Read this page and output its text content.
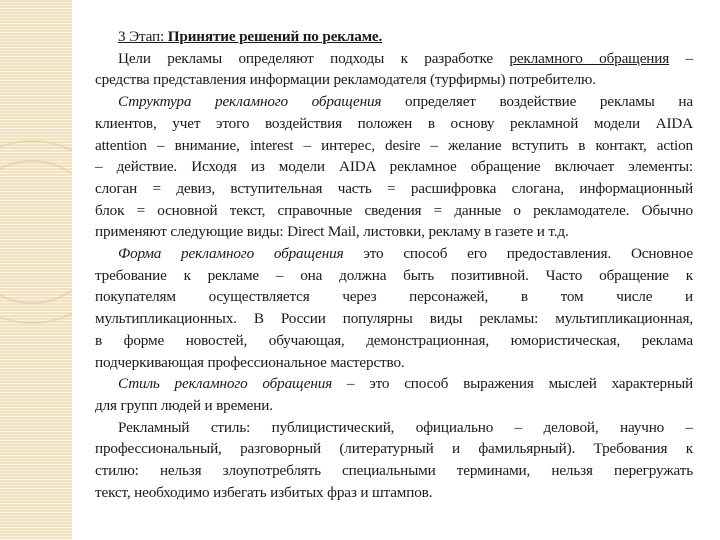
3 Этап: Принятие решений по рекламе.
Цели рекламы определяют подходы к разработке рекламного обращения –
средства представления информации рекламодателя (турфирмы) потребителю.
Структура рекламного обращения определяет воздействие рекламы на
клиентов, учет этого воздействия положен в основу рекламной модели AIDA
attention – внимание, interest – интерес, desire – желание вступить в контакт, action
– действие. Исходя из модели AIDA рекламное обращение включает элементы:
слоган = девиз, вступительная часть = расшифровка слогана, информационный
блок = основной текст, справочные сведения = данные о рекламодателе. Обычно
применяют следующие виды: Direct Mail, листовки, рекламу в газете и т.д.
Форма рекламного обращения это способ его предоставления. Основное
требование к рекламе – она должна быть позитивной. Часто обращение к
покупателям осуществляется через персонажей, в том числе и
мультипликационных. В России популярны виды рекламы: мультипликационная,
в форме новостей, обучающая, демонстрационная, юмористическая, реклама
подчеркивающая профессиональное мастерство.
Стиль рекламного обращения – это способ выражения мыслей характерный
для групп людей и времени.
Рекламный стиль: публицистический, официально – деловой, научно –
профессиональный, разговорный (литературный и фамильярный). Требования к
стилю: нельзя злоупотреблять специальными терминами, нельзя перегружать
текст, необходимо избегать избитых фраз и штампов.
